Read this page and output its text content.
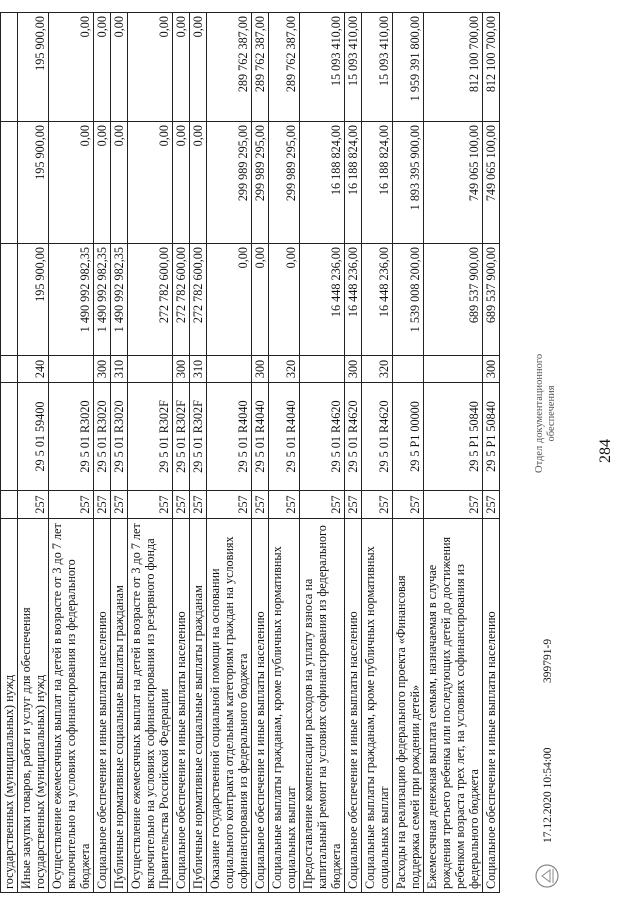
государственных (муниципальных) нужд						
Иные закупки товаров, работ и услуг для обеспечения государственных (муниципальных) нужд	257	29 5 01 59400	240	195 900,00	195 900,00	195 900,00
Осуществление ежемесячных выплат на детей в возрасте от 3 до 7 лет включительно на условиях софинансирования из федерального бюджета	257	29 5 01 R3020		1 490 992 982,35	0,00	0,00
Социальное обеспечение и иные выплаты населению	257	29 5 01 R3020	300	1 490 992 982,35	0,00	0,00
Публичные нормативные социальные выплаты гражданам	257	29 5 01 R3020	310	1 490 992 982,35	0,00	0,00
Осуществление ежемесячных выплат на детей в возрасте от 3 до 7 лет включительно на условиях софинансирования из резервного фонда Правительства Российской Федерации	257	29 5 01 R302F		272 782 600,00	0,00	0,00
Социальное обеспечение и иные выплаты населению	257	29 5 01 R302F	300	272 782 600,00	0,00	0,00
Публичные нормативные социальные выплаты гражданам	257	29 5 01 R302F	310	272 782 600,00	0,00	0,00
Оказание государственной социальной помощи на основании социального контракта отдельным категориям граждан на условиях софинансирования из федерального бюджета	257	29 5 01 R4040		0,00	299 989 295,00	289 762 387,00
Социальное обеспечение и иные выплаты населению	257	29 5 01 R4040	300	0,00	299 989 295,00	289 762 387,00
Социальные выплаты гражданам, кроме публичных нормативных социальных выплат	257	29 5 01 R4040	320	0,00	299 989 295,00	289 762 387,00
Предоставление компенсации расходов на уплату взноса на капитальный ремонт на условиях софинансирования из федерального бюджета	257	29 5 01 R4620		16 448 236,00	16 188 824,00	15 093 410,00
Социальное обеспечение и иные выплаты населению	257	29 5 01 R4620	300	16 448 236,00	16 188 824,00	15 093 410,00
Социальные выплаты гражданам, кроме публичных нормативных социальных выплат	257	29 5 01 R4620	320	16 448 236,00	16 188 824,00	15 093 410,00
Расходы на реализацию федерального проекта «Финансовая поддержка семей при рождении детей»	257	29 5 P1 00000		1 539 008 200,00	1 893 395 900,00	1 959 391 800,00
Ежемесячная денежная выплата семьям, назначаемая в случае рождения третьего ребенка или последующих детей до достижения ребенком возраста трех лет, на условиях софинансирования из федерального бюджета	257	29 5 P1 50840		689 537 900,00	749 065 100,00	812 100 700,00
Социальное обеспечение и иные выплаты населению	257	29 5 P1 50840	300	689 537 900,00	749 065 100,00	812 100 700,00
284
17.12.2020 10:54:00
399791-9
Отдел документационного обеспечения
